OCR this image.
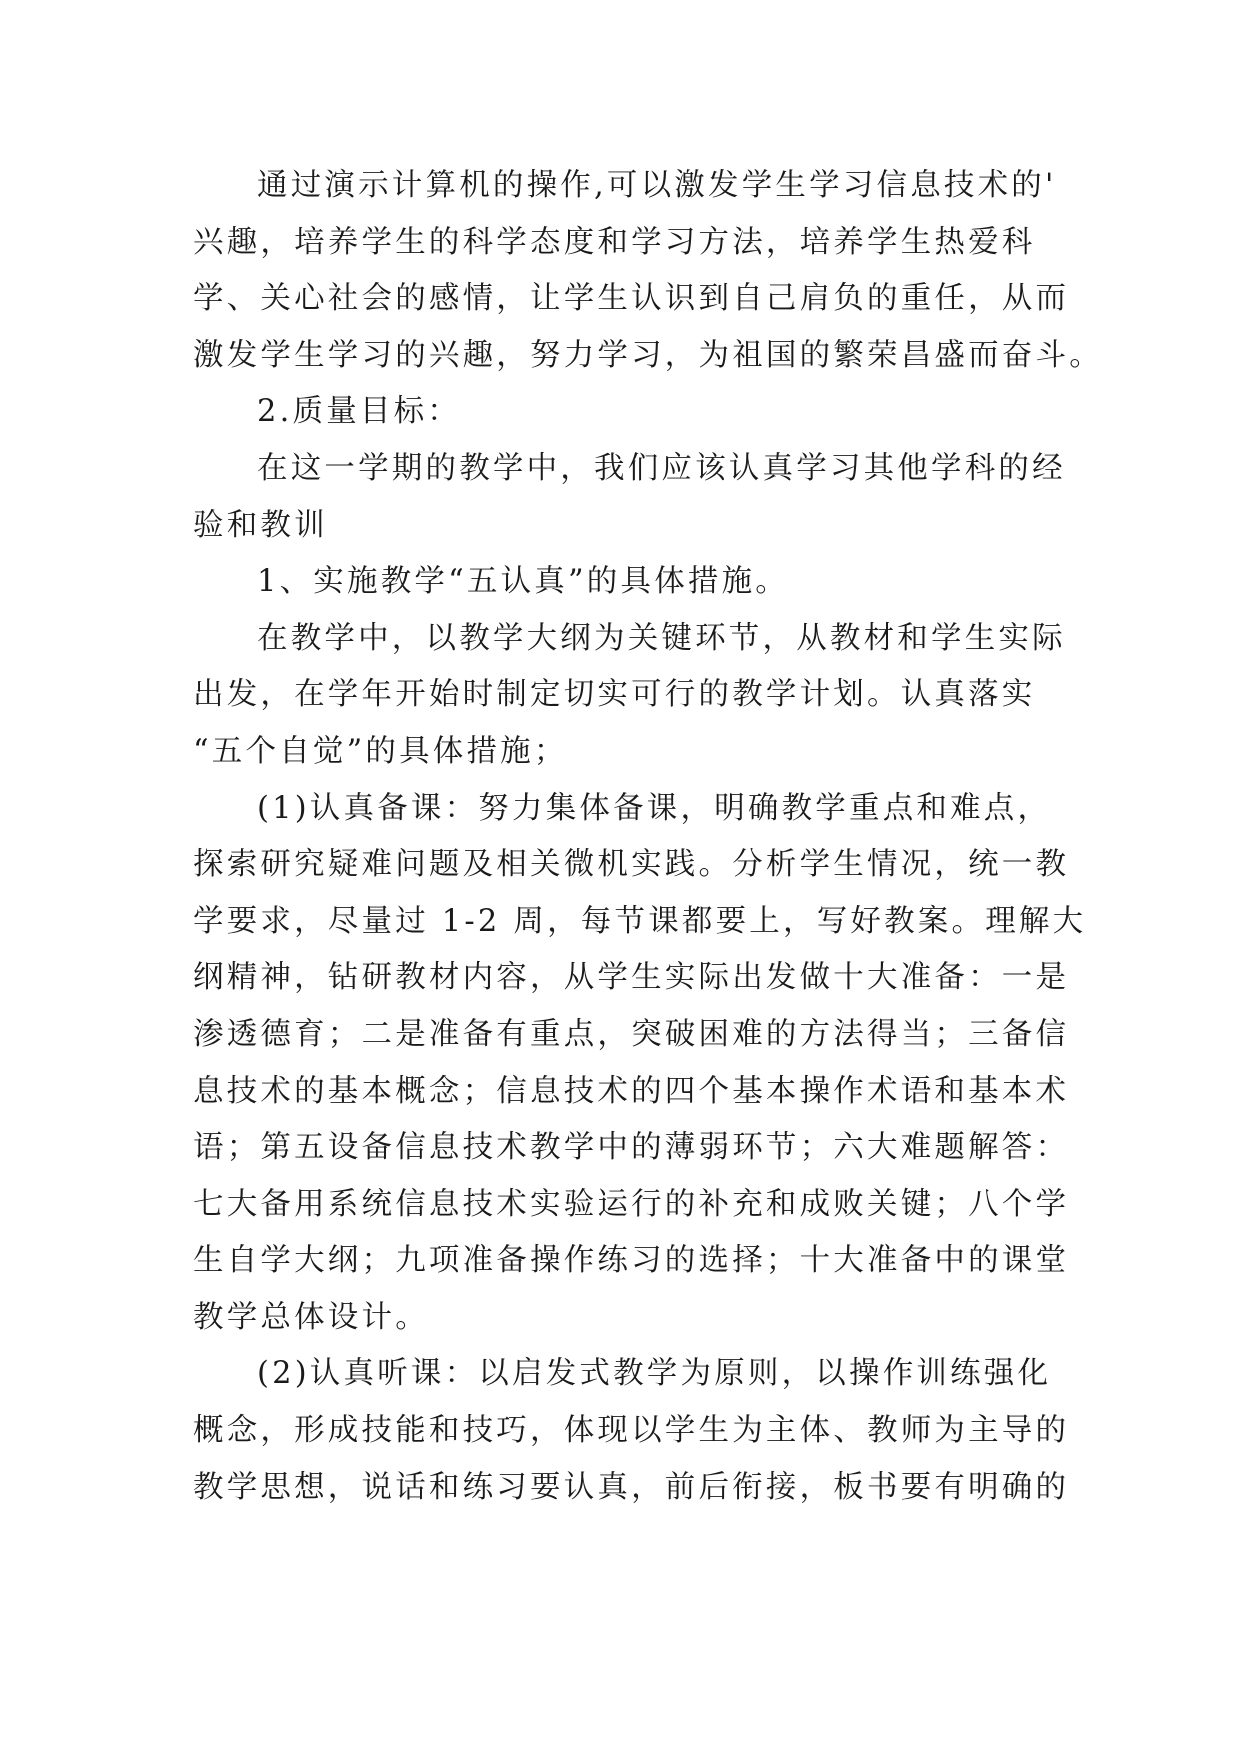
通过演示计算机的操作,可以激发学生学习信息技术的'
兴趣，培养学生的科学态度和学习方法，培养学生热爱科
学、关心社会的感情，让学生认识到自己肩负的重任，从而
激发学生学习的兴趣，努力学习，为祖国的繁荣昌盛而奋斗。
2.质量目标：
在这一学期的教学中，我们应该认真学习其他学科的经
验和教训
1、实施教学“五认真”的具体措施。
在教学中，以教学大纲为关键环节，从教材和学生实际
出发，在学年开始时制定切实可行的教学计划。认真落实
“五个自觉”的具体措施；
(1)认真备课：努力集体备课，明确教学重点和难点，
探索研究疑难问题及相关微机实践。分析学生情况，统一教
学要求，尽量过 1-2 周，每节课都要上，写好教案。理解大
纲精神，钻研教材内容，从学生实际出发做十大准备：一是
渗透德育；二是准备有重点，突破困难的方法得当；三备信
息技术的基本概念；信息技术的四个基本操作术语和基本术
语；第五设备信息技术教学中的薄弱环节；六大难题解答：
七大备用系统信息技术实验运行的补充和成败关键；八个学
生自学大纲；九项准备操作练习的选择；十大准备中的课堂
教学总体设计。
(2)认真听课：以启发式教学为原则，以操作训练强化
概念，形成技能和技巧，体现以学生为主体、教师为主导的
教学思想，说话和练习要认真，前后衔接，板书要有明确的
